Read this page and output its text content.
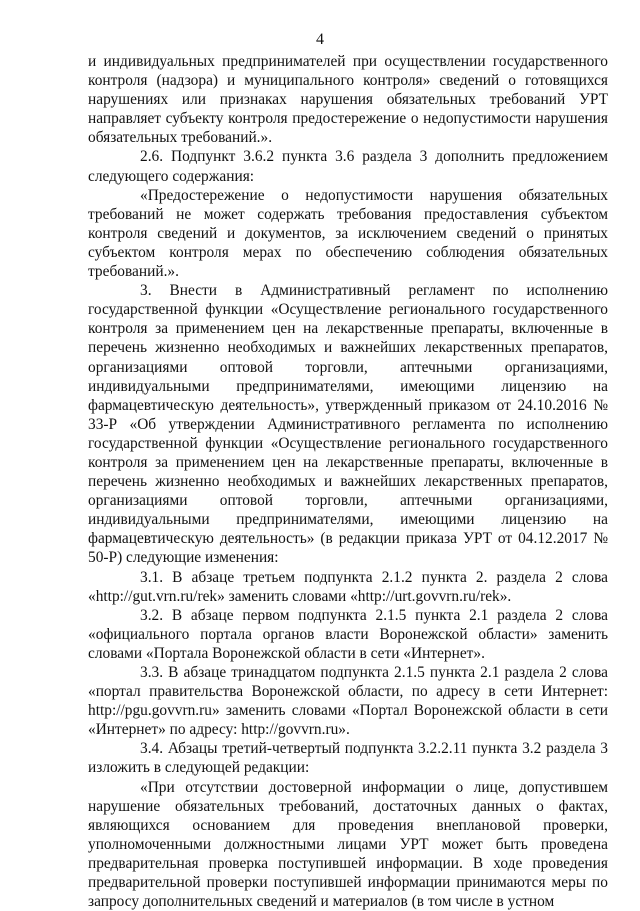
4

и индивидуальных предпринимателей при осуществлении государственного контроля (надзора) и муниципального контроля» сведений о готовящихся нарушениях или признаках нарушения обязательных требований УРТ направляет субъекту контроля предостережение о недопустимости нарушения обязательных требований.».

2.6. Подпункт 3.6.2 пункта 3.6 раздела 3 дополнить предложением следующего содержания:

«Предостережение о недопустимости нарушения обязательных требований не может содержать требования предоставления субъектом контроля сведений и документов, за исключением сведений о принятых субъектом контроля мерах по обеспечению соблюдения обязательных требований.».

3. Внести в Административный регламент по исполнению государственной функции «Осуществление регионального государственного контроля за применением цен на лекарственные препараты, включенные в перечень жизненно необходимых и важнейших лекарственных препаратов, организациями оптовой торговли, аптечными организациями, индивидуальными предпринимателями, имеющими лицензию на фармацевтическую деятельность», утвержденный приказом от 24.10.2016 № 33-Р «Об утверждении Административного регламента по исполнению государственной функции «Осуществление регионального государственного контроля за применением цен на лекарственные препараты, включенные в перечень жизненно необходимых и важнейших лекарственных препаратов, организациями оптовой торговли, аптечными организациями, индивидуальными предпринимателями, имеющими лицензию на фармацевтическую деятельность» (в редакции приказа УРТ от 04.12.2017 № 50-Р) следующие изменения:

3.1. В абзаце третьем подпункта 2.1.2 пункта 2. раздела 2 слова «http://gut.vrn.ru/rek» заменить словами «http://urt.govvrn.ru/rek».

3.2. В абзаце первом подпункта 2.1.5 пункта 2.1 раздела 2 слова «официального портала органов власти Воронежской области» заменить словами «Портала Воронежской области в сети «Интернет».

3.3. В абзаце тринадцатом подпункта 2.1.5 пункта 2.1 раздела 2 слова «портал правительства Воронежской области, по адресу в сети Интернет: http://pgu.govvrn.ru» заменить словами «Портал Воронежской области в сети «Интернет» по адресу: http://govvrn.ru».

3.4. Абзацы третий-четвертый подпункта 3.2.2.11 пункта 3.2 раздела 3 изложить в следующей редакции:

«При отсутствии достоверной информации о лице, допустившем нарушение обязательных требований, достаточных данных о фактах, являющихся основанием для проведения внеплановой проверки, уполномоченными должностными лицами УРТ может быть проведена предварительная проверка поступившей информации. В ходе проведения предварительной проверки поступившей информации принимаются меры по запросу дополнительных сведений и материалов (в том числе в устном
